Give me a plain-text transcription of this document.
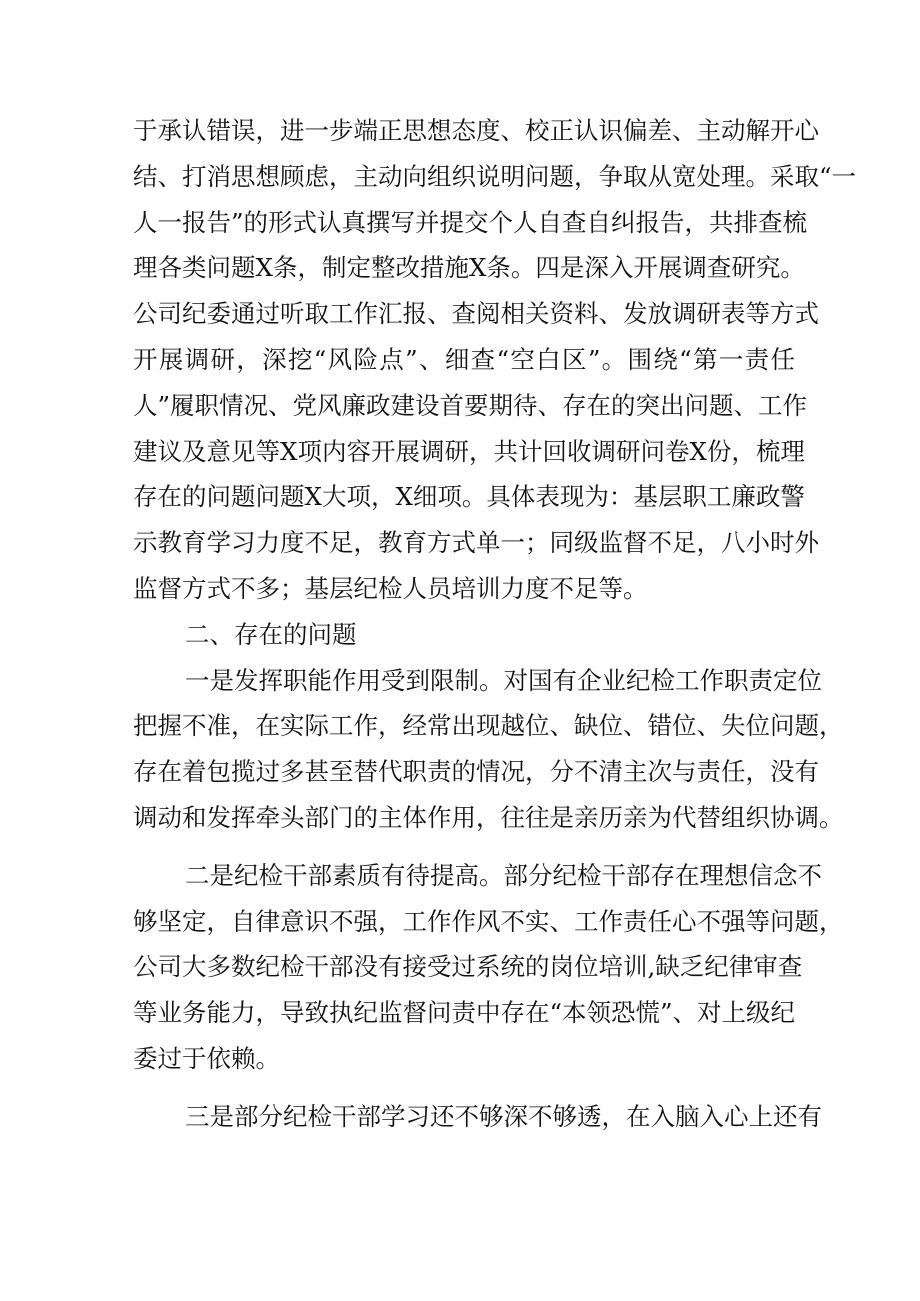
于承认错误，进一步端正思想态度、校正认识偏差、主动解开心
结、打消思想顾虑，主动向组织说明问题，争取从宽处理。采取“一
人一报告”的形式认真撰写并提交个人自查自纠报告，共排查梳
理各类问题X条，制定整改措施X条。四是深入开展调查研究。
公司纪委通过听取工作汇报、查阅相关资料、发放调研表等方式
开展调研，深挖“风险点”、细查“空白区”。围绕“第一责任
人”履职情况、党风廉政建设首要期待、存在的突出问题、工作
建议及意见等X项内容开展调研，共计回收调研问卷X份，梳理
存在的问题问题X大项，X细项。具体表现为：基层职工廉政警
示教育学习力度不足，教育方式单一；同级监督不足，八小时外
监督方式不多；基层纪检人员培训力度不足等。
二、存在的问题
一是发挥职能作用受到限制。对国有企业纪检工作职责定位
把握不准，在实际工作，经常出现越位、缺位、错位、失位问题，
存在着包揽过多甚至替代职责的情况，分不清主次与责任，没有
调动和发挥牵头部门的主体作用，往往是亲历亲为代替组织协调。
二是纪检干部素质有待提高。部分纪检干部存在理想信念不
够坚定，自律意识不强，工作作风不实、工作责任心不强等问题，
公司大多数纪检干部没有接受过系统的岗位培训,缺乏纪律审查
等业务能力，导致执纪监督问责中存在“本领恐慌”、对上级纪
委过于依赖。
三是部分纪检干部学习还不够深不够透，在入脑入心上还有
